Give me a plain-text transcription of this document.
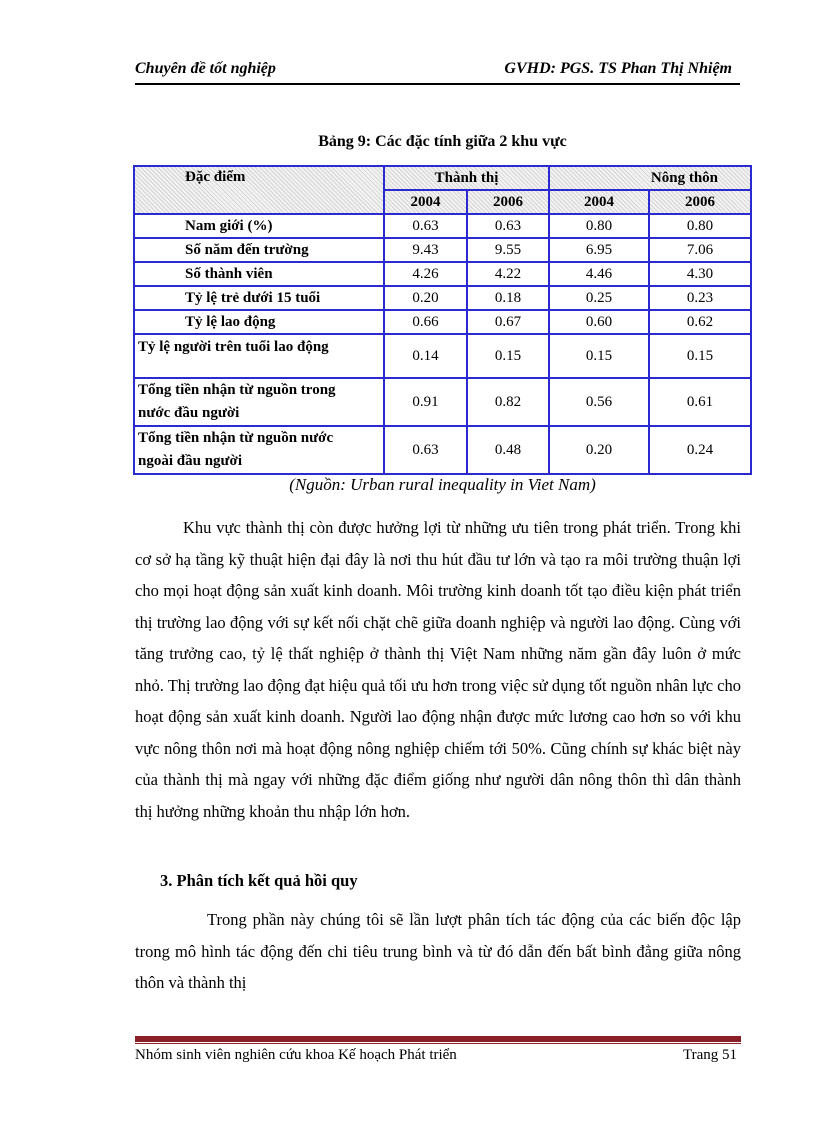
Chuyên đề tốt nghiệp	GVHD: PGS. TS Phan Thị Nhiệm
Bảng 9: Các đặc tính giữa 2 khu vực
Đặc điểm	Thành thị		Nông thôn	
	2004	2006	2004	2006
Nam giới (%)	0.63	0.63	0.80	0.80
Số năm đến trường	9.43	9.55	6.95	7.06
Số thành viên	4.26	4.22	4.46	4.30
Tỷ lệ trẻ dưới 15 tuổi	0.20	0.18	0.25	0.23
Tỷ lệ lao động	0.66	0.67	0.60	0.62
Tỷ lệ người trên tuổi lao động	0.14	0.15	0.15	0.15

Tổng tiền nhận từ nguồn trong
nước đầu người	0.91	0.82	0.56	0.61

Tổng tiền nhận từ nguồn nước
ngoài đầu người	0.63	0.48	0.20	0.24
(Nguồn: Urban rural inequality in Viet Nam)

Khu vực thành thị còn được hưởng lợi từ những ưu tiên trong phát triển. Trong khi cơ sở hạ tầng kỹ thuật hiện đại đây là nơi thu hút đầu tư lớn và tạo ra môi trường thuận lợi cho mọi hoạt động sản xuất kinh doanh. Môi trường kinh doanh tốt tạo điều kiện phát triển thị trường lao động với sự kết nối chặt chẽ giữa doanh nghiệp và người lao động. Cùng với tăng trưởng cao, tỷ lệ thất nghiệp ở thành thị Việt Nam những năm gần đây luôn ở mức nhỏ. Thị trường lao động đạt hiệu quả tối ưu hơn trong việc sử dụng tốt nguồn nhân lực cho hoạt động sản xuất kinh doanh. Người lao động nhận được mức lương cao hơn so với khu vực nông thôn nơi mà hoạt động nông nghiệp chiếm tới 50%. Cũng chính sự khác biệt này của thành thị mà ngay với những đặc điểm giống như người dân nông thôn thì dân thành thị hưởng những khoản thu nhập lớn hơn.

3. Phân tích kết quả hồi quy

Trong phần này chúng tôi sẽ lần lượt phân tích tác động của các biến độc lập trong mô hình tác động đến chi tiêu trung bình và từ đó dẫn đến bất bình đẳng giữa nông thôn và thành thị

Nhóm sinh viên nghiên cứu khoa Kế hoạch Phát triển	Trang 51
